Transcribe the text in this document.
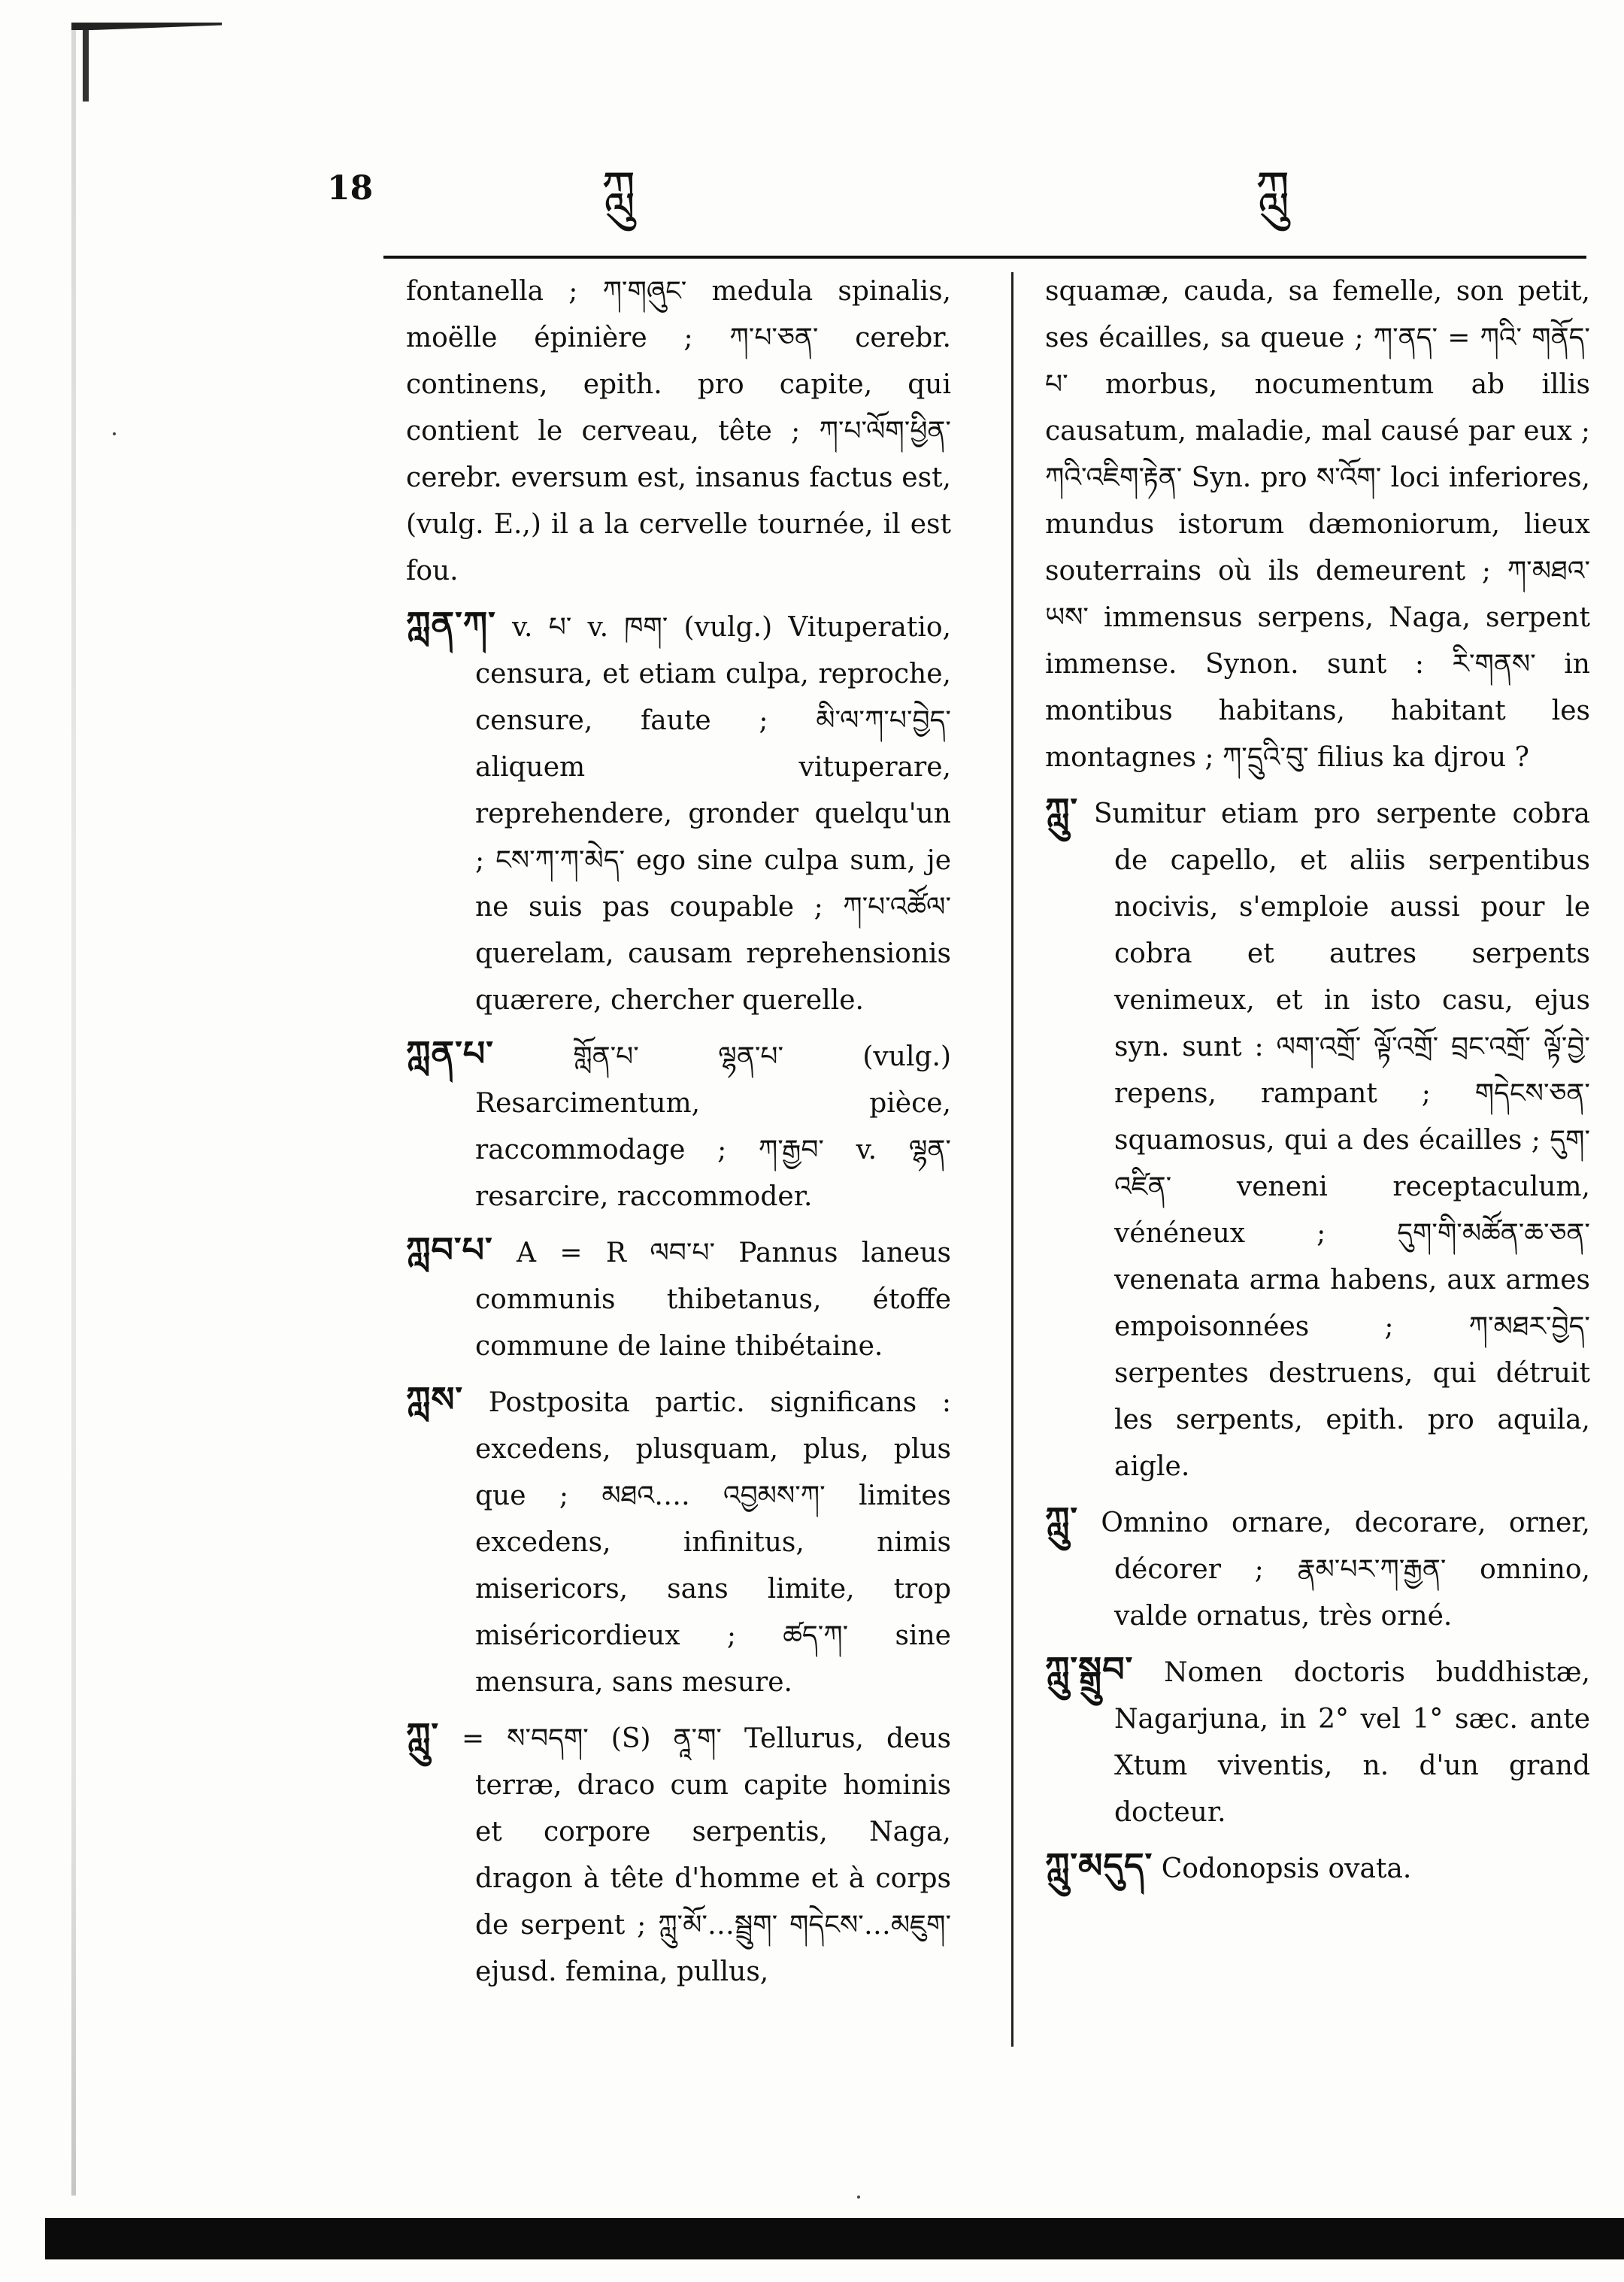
18	ཀླུ	ཀླུ

fontanella ; ཀ་གཞུང་ medula spinalis, moëlle épinière ; ཀ་པ་ཅན་ cerebr. continens, epith. pro capite, qui contient le cerveau, tête ; ཀ་པ་ལོག་ཕྱིན་ cerebr. eversum est, insanus factus est, (vulg. E.,) il a la cervelle tournée, il est fou.

ཀླན་ཀ་ v. པ་ v. ཁག་ (vulg.) Vituperatio, censura, et etiam culpa, reproche, censure, faute ; མི་ལ་ཀ་པ་བྱེད་ aliquem vituperare, reprehendere, gronder quelqu'un ; ངས་ཀ་ཀ་མེད་ ego sine culpa sum, je ne suis pas coupable ; ཀ་པ་འཚོལ་ querelam, causam reprehensionis quærere, chercher querelle.

ཀླན་པ་	གློན་པ་ ལྷན་པ་ (vulg.) Resarcimentum, pièce, raccommodage ; ཀ་རྒྱབ་ v. ལྷན་ resarcire, raccommoder.

ཀླབ་པ་ A = R ལབ་པ་ Pannus laneus communis thibetanus, étoffe commune de laine thibétaine.

ཀླས་ Postposita partic. significans : excedens, plusquam, plus, plus que ; མཐའ…. འབྱམས་ཀ་ limites excedens, infinitus, nimis misericors, sans limite, trop miséricordieux ; ཚད་ཀ་ sine mensura, sans mesure.

ཀླུ་ = ས་བདག་ (S) ནཱ་ག་ Tellurus, deus terræ, draco cum capite hominis et corpore serpentis, Naga, dragon à tête d'homme et à corps de serpent ; ཀླུ་མོ་…སྦྲུག་ གདེངས་…མཇུག་ ejusd. femina, pullus,

squamæ, cauda, sa femelle, son petit, ses écailles, sa queue ; ཀ་ནད་ = ཀའི་ གནོད་པ་ morbus, nocumentum ab illis causatum, maladie, mal causé par eux ; ཀའི་འཇིག་རྟེན་ Syn. pro ས་འོག་ loci inferiores, mundus istorum dæmoniorum, lieux souterrains où ils demeurent ; ཀ་མཐའ་ཡས་ immensus serpens, Naga, serpent immense. Synon. sunt : རི་གནས་ in montibus habitans, habitant les montagnes ; ཀ་དྲུའི་བུ་ filius ka djrou ?

ཀླུ་ Sumitur etiam pro serpente cobra de capello, et aliis serpentibus nocivis, s'emploie aussi pour le cobra et autres serpents venimeux, et in isto casu, ejus syn. sunt : ལག་འགྲོ་ ལྟོ་འགྲོ་ བྲང་འགྲོ་ ལྟོ་བྱེ་ repens, rampant ; གདེངས་ཅན་ squamosus, qui a des écailles ; དུག་འཛིན་ veneni receptaculum, vénéneux ; དུག་གི་མཚོན་ཆ་ཅན་ venenata arma habens, aux armes empoisonnées ; ཀ་མཐར་བྱེད་ serpentes destruens, qui détruit les serpents, epith. pro aquila, aigle.

ཀླུ་ Omnino ornare, decorare, orner, décorer ; རྣམ་པར་ཀ་རྒྱན་ omnino, valde ornatus, très orné.

ཀླུ་སྒྲུབ་ Nomen doctoris buddhistæ, Nagarjuna, in 2° vel 1° sæc. ante Xtum viventis, n. d'un grand docteur.

ཀླུ་མདུད་ Codonopsis ovata.
